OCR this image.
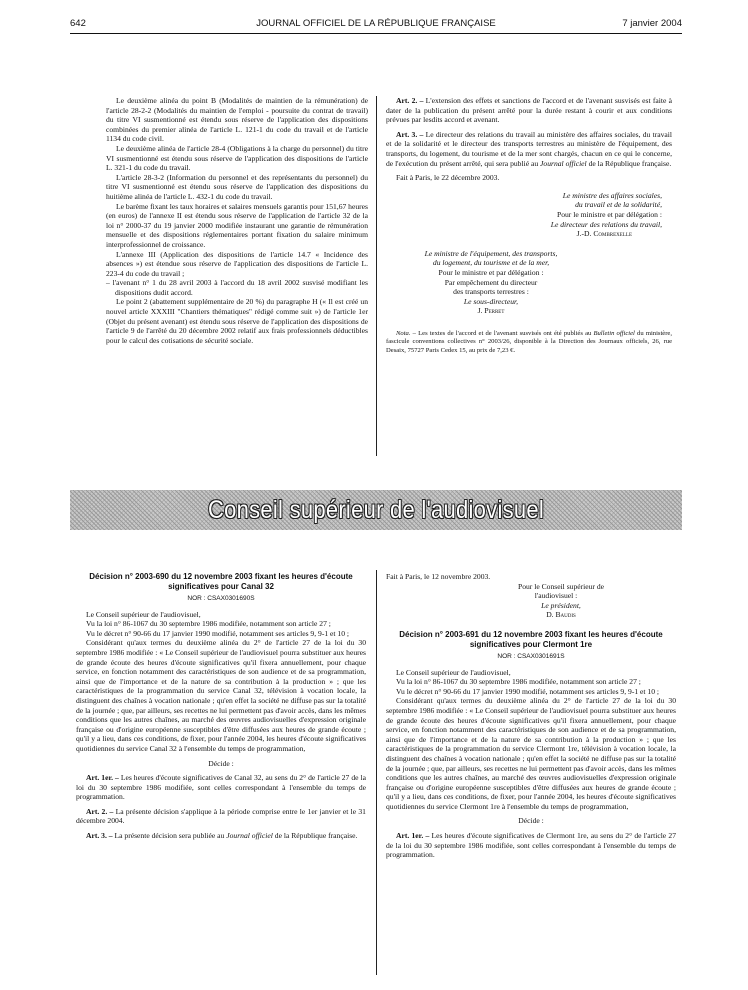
642	JOURNAL OFFICIEL DE LA RÉPUBLIQUE FRANÇAISE	7 janvier 2004

Le deuxième alinéa du point B (Modalités de maintien de la rémunération) de l'article 28-2-2 (Modalités du maintien de l'emploi - poursuite du contrat de travail) du titre VI susmentionné est étendu sous réserve de l'application des dispositions combinées du premier alinéa de l'article L. 121-1 du code du travail et de l'article 1134 du code civil.

Le deuxième alinéa de l'article 28-4 (Obligations à la charge du personnel) du titre VI susmentionné est étendu sous réserve de l'application des dispositions de l'article L. 321-1 du code du travail.

L'article 28-3-2 (Information du personnel et des représentants du personnel) du titre VI susmentionné est étendu sous réserve de l'application des dispositions du huitième alinéa de l'article L. 432-1 du code du travail.

Le barème fixant les taux horaires et salaires mensuels garantis pour 151,67 heures (en euros) de l'annexe II est étendu sous réserve de l'application de l'article 32 de la loi n° 2000-37 du 19 janvier 2000 modifiée instaurant une garantie de rémunération mensuelle et des dispositions réglementaires portant fixation du salaire minimum interprofessionnel de croissance.

L'annexe III (Application des dispositions de l'article 14.7 « Incidence des absences ») est étendue sous réserve de l'application des dispositions de l'article L. 223-4 du code du travail ;

– l'avenant n° 1 du 28 avril 2003 à l'accord du 18 avril 2002 susvisé modifiant les dispositions dudit accord.

Le point 2 (abattement supplémentaire de 20 %) du paragraphe H (« Il est créé un nouvel article XXXIII "Chantiers thématiques" rédigé comme suit ») de l'article 1er (Objet du présent avenant) est étendu sous réserve de l'application des dispositions de l'article 9 de l'arrêté du 20 décembre 2002 relatif aux frais professionnels déductibles pour le calcul des cotisations de sécurité sociale.

Art. 2. – L'extension des effets et sanctions de l'accord et de l'avenant susvisés est faite à dater de la publication du présent arrêté pour la durée restant à courir et aux conditions prévues par lesdits accord et avenant.

Art. 3. – Le directeur des relations du travail au ministère des affaires sociales, du travail et de la solidarité et le directeur des transports terrestres au ministère de l'équipement, des transports, du logement, du tourisme et de la mer sont chargés, chacun en ce qui le concerne, de l'exécution du présent arrêté, qui sera publié au Journal officiel de la République française.

Fait à Paris, le 22 décembre 2003.

Le ministre des affaires sociales,

du travail et de la solidarité,

Pour le ministre et par délégation :

Le directeur des relations du travail,

J.-D. Combrexelle

Le ministre de l'équipement, des transports,

du logement, du tourisme et de la mer,

Pour le ministre et par délégation :

Par empêchement du directeur

des transports terrestres :

Le sous-directeur,

J. Perret

Nota. – Les textes de l'accord et de l'avenant susvisés ont été publiés au Bulletin officiel du ministère, fascicule conventions collectives n° 2003/26, disponible à la Direction des Journaux officiels, 26, rue Desaix, 75727 Paris Cedex 15, au prix de 7,23 €.

Conseil supérieur de l'audiovisuel
Décision n° 2003-690 du 12 novembre 2003 fixant les heures d'écoute significatives pour Canal 32
NOR : CSAX0301690S

Le Conseil supérieur de l'audiovisuel,

Vu la loi n° 86-1067 du 30 septembre 1986 modifiée, notamment son article 27 ;

Vu le décret n° 90-66 du 17 janvier 1990 modifié, notamment ses articles 9, 9-1 et 10 ;

Considérant qu'aux termes du deuxième alinéa du 2° de l'article 27 de la loi du 30 septembre 1986 modifiée : « Le Conseil supérieur de l'audiovisuel pourra substituer aux heures de grande écoute des heures d'écoute significatives qu'il fixera annuellement, pour chaque service, en fonction notamment des caractéristiques de son audience et de sa programmation, ainsi que de l'importance et de la nature de sa contribution à la production » ; que les caractéristiques de la programmation du service Canal 32, télévision à vocation locale, la distinguent des chaînes à vocation nationale ; qu'en effet la société ne diffuse pas sur la totalité de la journée ; que, par ailleurs, ses recettes ne lui permettent pas d'avoir accès, dans les mêmes conditions que les autres chaînes, au marché des œuvres audiovisuelles d'expression originale française ou d'origine européenne susceptibles d'être diffusées aux heures de grande écoute ; qu'il y a lieu, dans ces conditions, de fixer, pour l'année 2004, les heures d'écoute significatives quotidiennes du service Canal 32 à l'ensemble du temps de programmation,

Décide :

Art. 1er. – Les heures d'écoute significatives de Canal 32, au sens du 2° de l'article 27 de la loi du 30 septembre 1986 modifiée, sont celles correspondant à l'ensemble du temps de programmation.

Art. 2. – La présente décision s'applique à la période comprise entre le 1er janvier et le 31 décembre 2004.

Art. 3. – La présente décision sera publiée au Journal officiel de la République française.

Fait à Paris, le 12 novembre 2003.

Pour le Conseil supérieur de l'audiovisuel :

Le président,

D. Baudis

Décision n° 2003-691 du 12 novembre 2003 fixant les heures d'écoute significatives pour Clermont 1re
NOR : CSAX0301691S

Le Conseil supérieur de l'audiovisuel,

Vu la loi n° 86-1067 du 30 septembre 1986 modifiée, notamment son article 27 ;

Vu le décret n° 90-66 du 17 janvier 1990 modifié, notamment ses articles 9, 9-1 et 10 ;

Considérant qu'aux termes du deuxième alinéa du 2° de l'article 27 de la loi du 30 septembre 1986 modifiée : « Le Conseil supérieur de l'audiovisuel pourra substituer aux heures de grande écoute des heures d'écoute significatives qu'il fixera annuellement, pour chaque service, en fonction notamment des caractéristiques de son audience et de sa programmation, ainsi que de l'importance et de la nature de sa contribution à la production » ; que les caractéristiques de la programmation du service Clermont 1re, télévision à vocation locale, la distinguent des chaînes à vocation nationale ; qu'en effet la société ne diffuse pas sur la totalité de la journée ; que, par ailleurs, ses recettes ne lui permettent pas d'avoir accès, dans les mêmes conditions que les autres chaînes, au marché des œuvres audiovisuelles d'expression originale française ou d'origine européenne susceptibles d'être diffusées aux heures de grande écoute ; qu'il y a lieu, dans ces conditions, de fixer, pour l'année 2004, les heures d'écoute significatives quotidiennes du service Clermont 1re à l'ensemble du temps de programmation,

Décide :

Art. 1er. – Les heures d'écoute significatives de Clermont 1re, au sens du 2° de l'article 27 de la loi du 30 septembre 1986 modifiée, sont celles correspondant à l'ensemble du temps de programmation.
